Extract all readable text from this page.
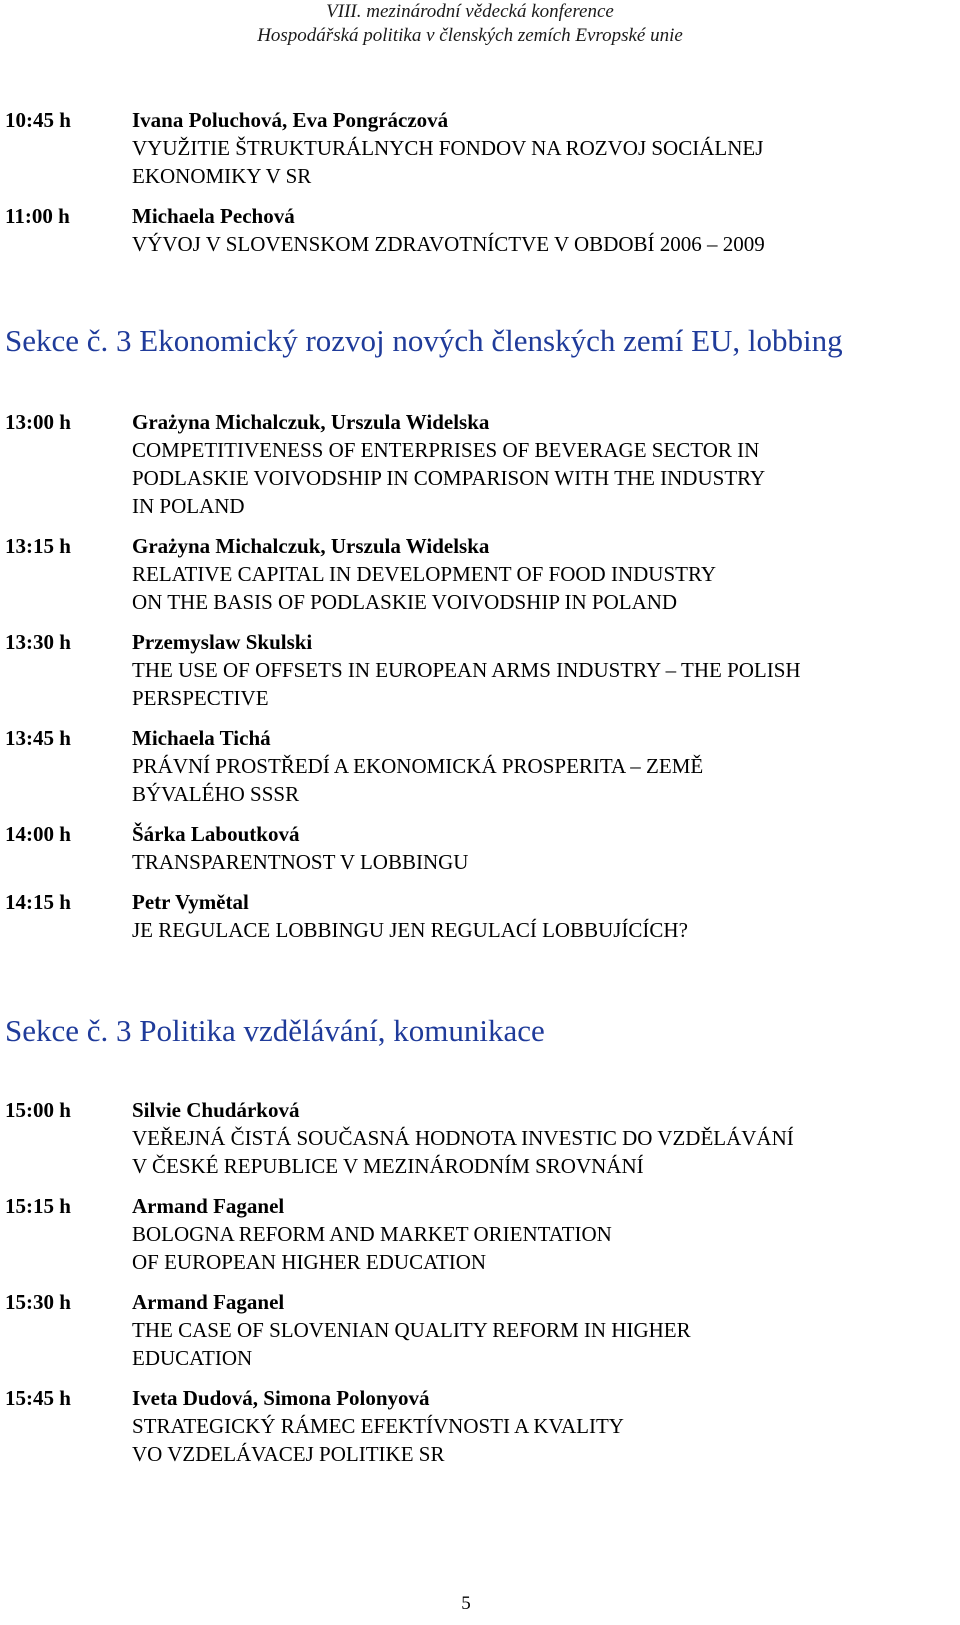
VIII. mezinárodní vědecká konference
Hospodářská politika v členských zemích Evropské unie
10:45 h	Ivana Poluchová, Eva Pongráczová
VYUŽITIE ŠTRUKTURÁLNYCH FONDOV NA ROZVOJ SOCIÁLNEJ
EKONOMIKY V SR
11:00 h	Michaela Pechová
VÝVOJ V SLOVENSKOM ZDRAVOTNÍCTVE V OBDOBÍ 2006 – 2009
Sekce č. 3 Ekonomický rozvoj nových členských zemí EU, lobbing
13:00 h	Grażyna Michalczuk, Urszula Widelska
COMPETITIVENESS OF ENTERPRISES OF BEVERAGE SECTOR IN
PODLASKIE VOIVODSHIP IN COMPARISON WITH THE INDUSTRY
IN POLAND
13:15 h	Grażyna Michalczuk, Urszula Widelska
RELATIVE CAPITAL IN DEVELOPMENT OF FOOD INDUSTRY
ON THE BASIS OF PODLASKIE VOIVODSHIP IN POLAND
13:30 h	Przemyslaw Skulski
THE USE OF OFFSETS IN EUROPEAN ARMS INDUSTRY – THE POLISH
PERSPECTIVE
13:45 h	Michaela Tichá
PRÁVNÍ PROSTŘEDÍ A EKONOMICKÁ PROSPERITA – ZEMĚ
BÝVALÉHO SSSR
14:00 h	Šárka Laboutková
TRANSPARENTNOST V LOBBINGU
14:15 h	Petr Vymětal
JE REGULACE LOBBINGU JEN REGULACÍ LOBBUJÍCÍCH?
Sekce č. 3 Politika vzdělávání, komunikace
15:00 h	Silvie Chudárková
VEŘEJNÁ ČISTÁ SOUČASNÁ HODNOTA INVESTIC DO VZDĚLÁVÁNÍ
V ČESKÉ REPUBLICE V MEZINÁRODNÍM SROVNÁNÍ
15:15 h	Armand Faganel
BOLOGNA REFORM AND MARKET ORIENTATION
OF EUROPEAN HIGHER EDUCATION
15:30 h	Armand Faganel
THE CASE OF SLOVENIAN QUALITY REFORM IN HIGHER
EDUCATION
15:45 h	Iveta Dudová, Simona Polonyová
STRATEGICKÝ RÁMEC EFEKTÍVNOSTI A KVALITY
VO VZDELÁVACEJ POLITIKE SR
5
